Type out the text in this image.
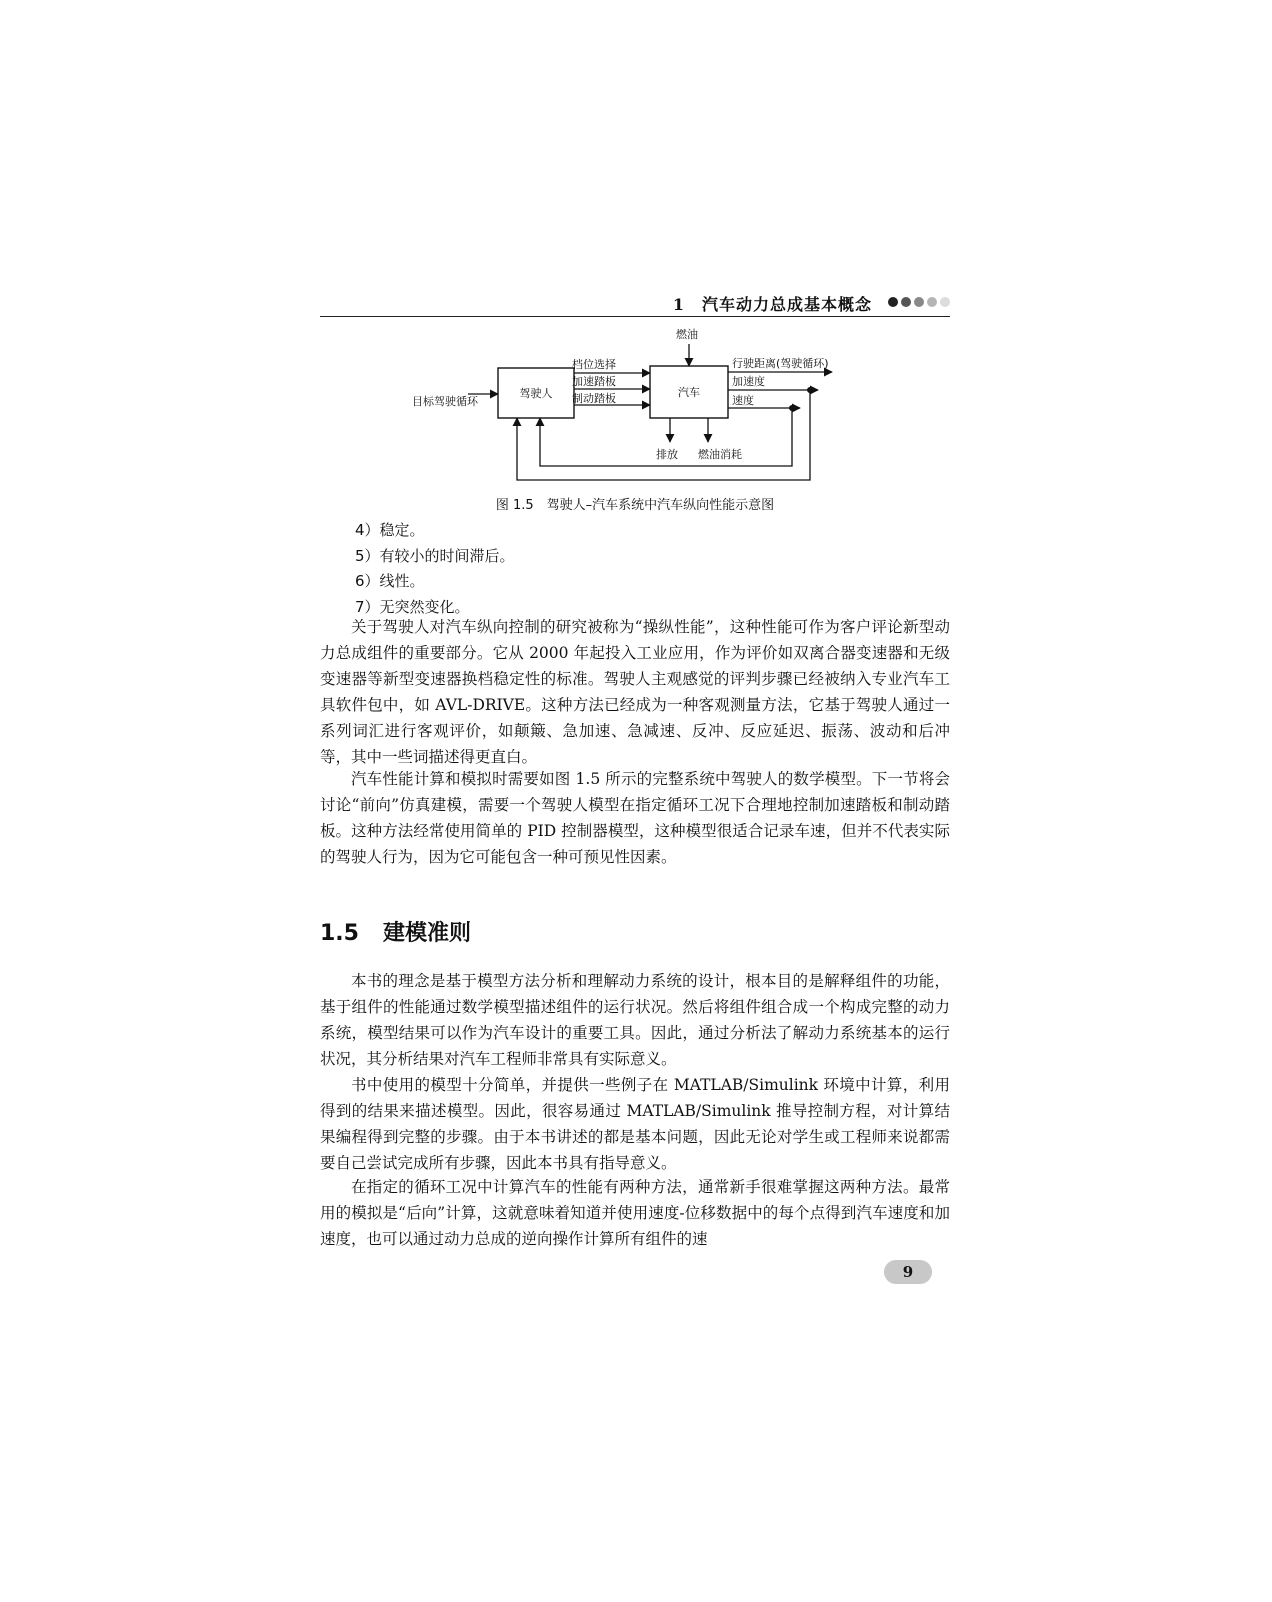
1　汽车动力总成基本概念
驾驶人	汽车
目标驾驶循环
档位选择
加速踏板
制动踏板
燃油
行驶距离(驾驶循环)
加速度
速度
排放 燃油消耗
图 1.5　驾驶人–汽车系统中汽车纵向性能示意图
4）稳定。
5）有较小的时间滞后。
6）线性。
7）无突然变化。
关于驾驶人对汽车纵向控制的研究被称为“操纵性能”，这种性能可作为客户评论新型动力总成组件的重要部分。它从 2000 年起投入工业应用，作为评价如双离合器变速器和无级变速器等新型变速器换档稳定性的标准。驾驶人主观感觉的评判步骤已经被纳入专业汽车工具软件包中，如 AVL-DRIVE。这种方法已经成为一种客观测量方法，它基于驾驶人通过一系列词汇进行客观评价，如颠簸、急加速、急减速、反冲、反应延迟、振荡、波动和后冲等，其中一些词描述得更直白。
汽车性能计算和模拟时需要如图 1.5 所示的完整系统中驾驶人的数学模型。下一节将会讨论“前向”仿真建模，需要一个驾驶人模型在指定循环工况下合理地控制加速踏板和制动踏板。这种方法经常使用简单的 PID 控制器模型，这种模型很适合记录车速，但并不代表实际的驾驶人行为，因为它可能包含一种可预见性因素。
1.5 建模准则
本书的理念是基于模型方法分析和理解动力系统的设计，根本目的是解释组件的功能，基于组件的性能通过数学模型描述组件的运行状况。然后将组件组合成一个构成完整的动力系统，模型结果可以作为汽车设计的重要工具。因此，通过分析法了解动力系统基本的运行状况，其分析结果对汽车工程师非常具有实际意义。
书中使用的模型十分简单，并提供一些例子在 MATLAB/Simulink 环境中计算，利用得到的结果来描述模型。因此，很容易通过 MATLAB/Simulink 推导控制方程，对计算结果编程得到完整的步骤。由于本书讲述的都是基本问题，因此无论对学生或工程师来说都需要自己尝试完成所有步骤，因此本书具有指导意义。
在指定的循环工况中计算汽车的性能有两种方法，通常新手很难掌握这两种方法。最常用的模拟是“后向”计算，这就意味着知道并使用速度-位移数据中的每个点得到汽车速度和加速度，也可以通过动力总成的逆向操作计算所有组件的速
9
